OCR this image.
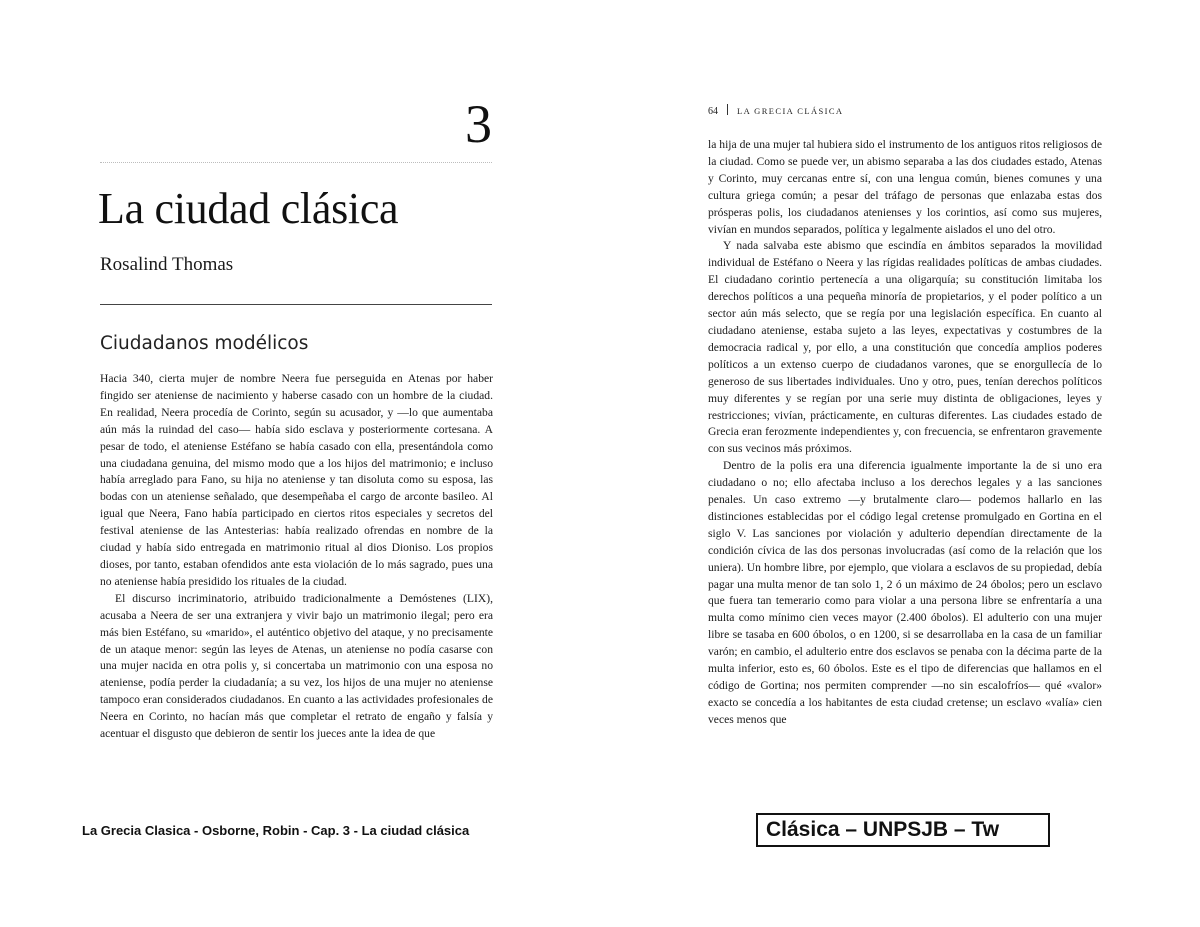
3
La ciudad clásica
Rosalind Thomas
Ciudadanos modélicos

Hacia 340, cierta mujer de nombre Neera fue perseguida en Atenas por haber fingido ser ateniense de nacimiento y haberse casado con un hombre de la ciudad. En realidad, Neera procedía de Corinto, según su acusador, y —lo que aumentaba aún más la ruindad del caso— había sido esclava y posteriormente cortesana. A pesar de todo, el ateniense Estéfano se había casado con ella, presentándola como una ciudadana genuina, del mismo modo que a los hijos del matrimonio; e incluso había arreglado para Fano, su hija no ateniense y tan disoluta como su esposa, las bodas con un ateniense señalado, que desempeñaba el cargo de arconte basileo. Al igual que Neera, Fano había participado en ciertos ritos especiales y secretos del festival ateniense de las Antesterias: había realizado ofrendas en nombre de la ciudad y había sido entregada en matrimonio ritual al dios Dioniso. Los propios dioses, por tanto, estaban ofendidos ante esta violación de lo más sagrado, pues una no ateniense había presidido los rituales de la ciudad.

El discurso incriminatorio, atribuido tradicionalmente a Demóstenes (LIX), acusaba a Neera de ser una extranjera y vivir bajo un matrimonio ilegal; pero era más bien Estéfano, su «marido», el auténtico objetivo del ataque, y no precisamente de un ataque menor: según las leyes de Atenas, un ateniense no podía casarse con una mujer nacida en otra polis y, si concertaba un matrimonio con una esposa no ateniense, podía perder la ciudadanía; a su vez, los hijos de una mujer no ateniense tampoco eran considerados ciudadanos. En cuanto a las actividades profesionales de Neera en Corinto, no hacían más que completar el retrato de engaño y falsía y acentuar el disgusto que debieron de sentir los jueces ante la idea de que

La Grecia Clasica - Osborne, Robin - Cap. 3 - La ciudad clásica
64 LA GRECIA CLÁSICA

la hija de una mujer tal hubiera sido el instrumento de los antiguos ritos religiosos de la ciudad. Como se puede ver, un abismo separaba a las dos ciudades estado, Atenas y Corinto, muy cercanas entre sí, con una lengua común, bienes comunes y una cultura griega común; a pesar del tráfago de personas que enlazaba estas dos prósperas polis, los ciudadanos atenienses y los corintios, así como sus mujeres, vivían en mundos separados, política y legalmente aislados el uno del otro.

Y nada salvaba este abismo que escindía en ámbitos separados la movilidad individual de Estéfano o Neera y las rígidas realidades políticas de ambas ciudades. El ciudadano corintio pertenecía a una oligarquía; su constitución limitaba los derechos políticos a una pequeña minoría de propietarios, y el poder político a un sector aún más selecto, que se regía por una legislación específica. En cuanto al ciudadano ateniense, estaba sujeto a las leyes, expectativas y costumbres de la democracia radical y, por ello, a una constitución que concedía amplios poderes políticos a un extenso cuerpo de ciudadanos varones, que se enorgullecía de lo generoso de sus libertades individuales. Uno y otro, pues, tenían derechos políticos muy diferentes y se regían por una serie muy distinta de obligaciones, leyes y restricciones; vivían, prácticamente, en culturas diferentes. Las ciudades estado de Grecia eran ferozmente independientes y, con frecuencia, se enfrentaron gravemente con sus vecinos más próximos.

Dentro de la polis era una diferencia igualmente importante la de si uno era ciudadano o no; ello afectaba incluso a los derechos legales y a las sanciones penales. Un caso extremo —y brutalmente claro— podemos hallarlo en las distinciones establecidas por el código legal cretense promulgado en Gortina en el siglo V. Las sanciones por violación y adulterio dependían directamente de la condición cívica de las dos personas involucradas (así como de la relación que los uniera). Un hombre libre, por ejemplo, que violara a esclavos de su propiedad, debía pagar una multa menor de tan solo 1, 2 ó un máximo de 24 óbolos; pero un esclavo que fuera tan temerario como para violar a una persona libre se enfrentaría a una multa como mínimo cien veces mayor (2.400 óbolos). El adulterio con una mujer libre se tasaba en 600 óbolos, o en 1200, si se desarrollaba en la casa de un familiar varón; en cambio, el adulterio entre dos esclavos se penaba con la décima parte de la multa inferior, esto es, 60 óbolos. Este es el tipo de diferencias que hallamos en el código de Gortina; nos permiten comprender —no sin escalofríos— qué «valor» exacto se concedía a los habitantes de esta ciudad cretense; un esclavo «valía» cien veces menos que

Clásica – UNPSJB – Tw
